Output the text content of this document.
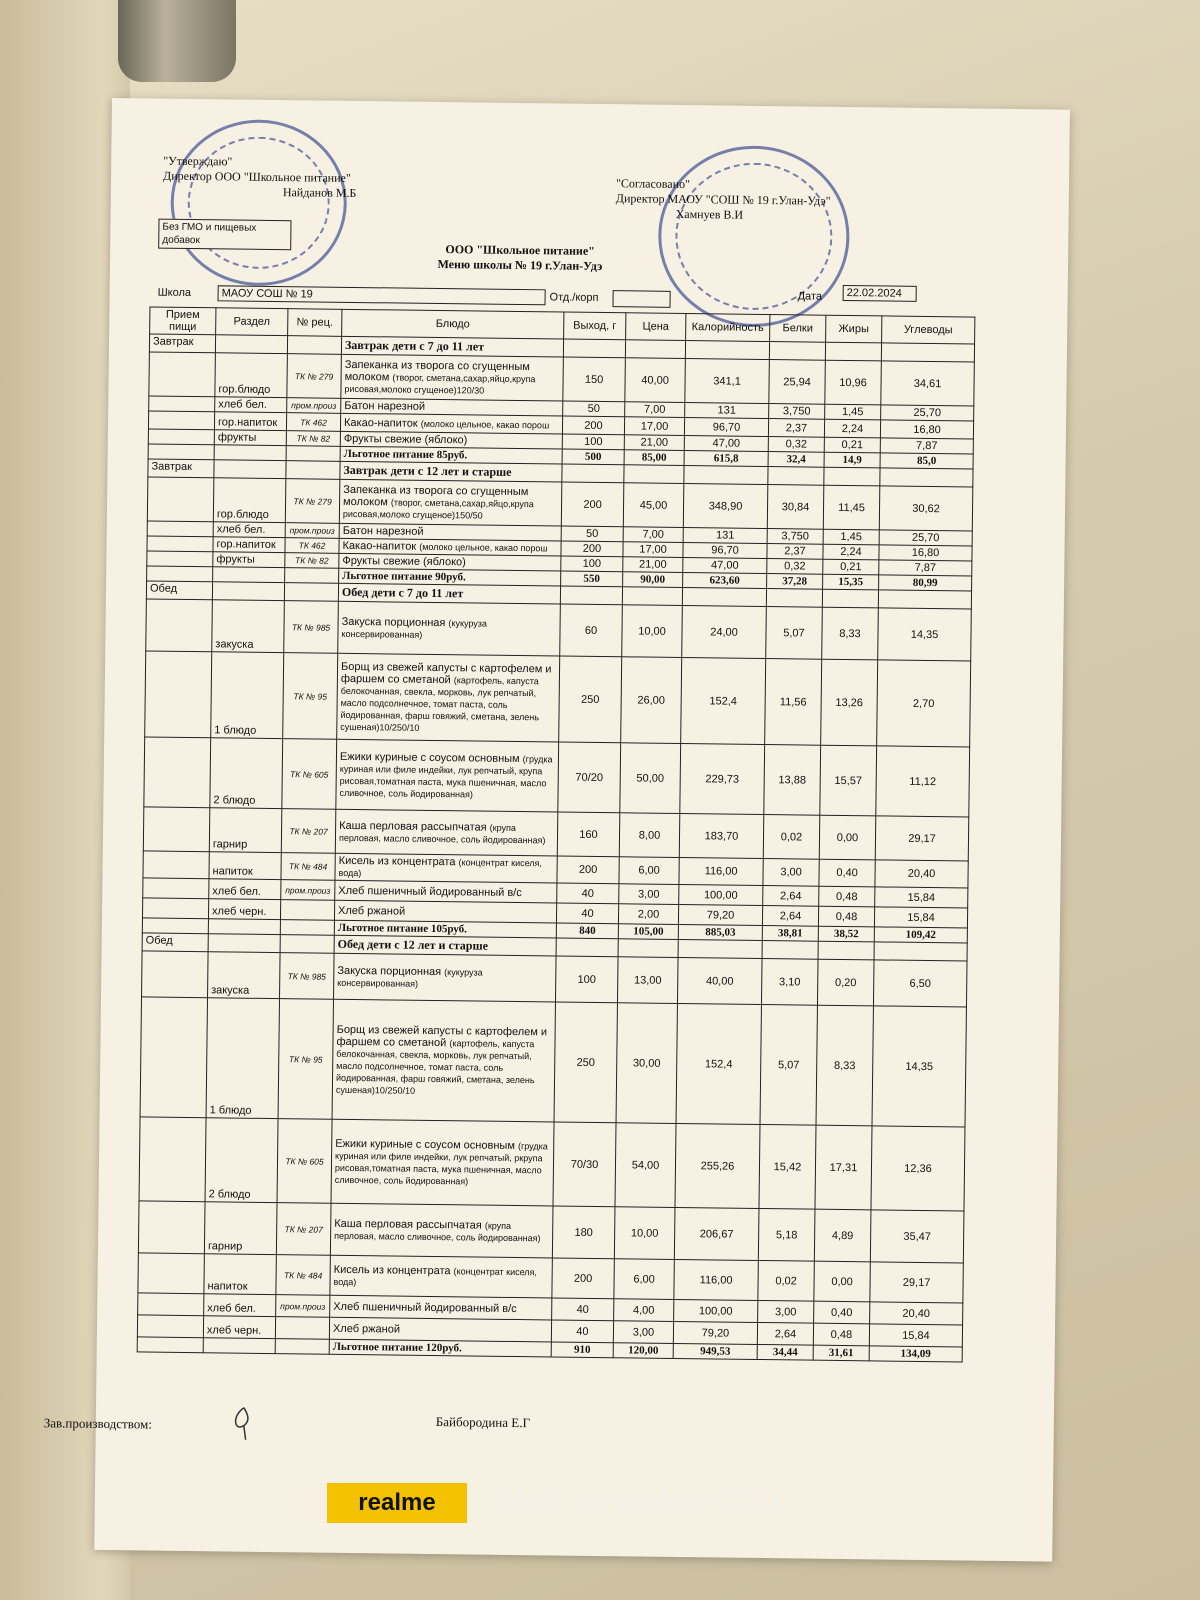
"Утверждаю"
Директор ООО "Школьное питание"
Найданов М.Б
"Согласовано"
Директор МАОУ "СОШ № 19 г.Улан-Удэ"
Хамнуев В.И
Без ГМО и пищевых
добавок
ООО "Школьное питание"
Меню школы № 19 г.Улан-Удэ
Школа	МАОУ СОШ № 19	Отд./корп	Дата	22.02.2024
Прием пищи	Раздел	№ рец.	Блюдо	Выход, г	Цена	Калорийность	Белки	Жиры	Углеводы
Завтрак			Завтрак дети с 7 до 11 лет						
	гор.блюдо	ТК № 279	Запеканка из творога со сгущенным молоком (творог, сметана,сахар,яйцо,крупа рисовая,молоко сгущеное)120/30	150	40,00	341,1	25,94	10,96	34,61
	хлеб бел.	пром.произ	Батон нарезной	50	7,00	131	3,750	1,45	25,70
	гор.напиток	ТК 462	Какао-напиток (молоко цельное, какао порош	200	17,00	96,70	2,37	2,24	16,80
	фрукты	ТК № 82	Фрукты свежие (яблоко)	100	21,00	47,00	0,32	0,21	7,87
			Льготное питание 85руб.	500	85,00	615,8	32,4	14,9	85,0
Завтрак			Завтрак дети с 12 лет и старше						
	гор.блюдо	ТК № 279	Запеканка из творога со сгущенным молоком (творог, сметана,сахар,яйцо,крупа рисовая,молоко сгущеное)150/50	200	45,00	348,90	30,84	11,45	30,62
	хлеб бел.	пром.произ	Батон нарезной	50	7,00	131	3,750	1,45	25,70
	гор.напиток	ТК 462	Какао-напиток (молоко цельное, какао порош	200	17,00	96,70	2,37	2,24	16,80
	фрукты	ТК № 82	Фрукты свежие (яблоко)	100	21,00	47,00	0,32	0,21	7,87
			Льготное питание 90руб.	550	90,00	623,60	37,28	15,35	80,99
Обед			Обед дети с 7 до 11 лет						
	закуска	ТК № 985	Закуска порционная (кукуруза консервированная)	60	10,00	24,00	5,07	8,33	14,35
	1 блюдо	ТК № 95	Борщ из свежей капусты с картофелем и фаршем со сметаной (картофель, капуста белокочанная, свекла, морковь, лук репчатый, масло подсолнечное, томат паста, соль йодированная, фарш говяжий, сметана, зелень сушеная)10/250/10	250	26,00	152,4	11,56	13,26	2,70
	2 блюдо	ТК № 605	Ежики куриные с соусом основным (грудка куриная или филе индейки, лук репчатый, крупа рисовая,томатная паста, мука пшеничная, масло сливочное, соль йодированная)	70/20	50,00	229,73	13,88	15,57	11,12
	гарнир	ТК № 207	Каша перловая рассыпчатая (крупа перловая, масло сливочное, соль йодированная)	160	8,00	183,70	0,02	0,00	29,17
	напиток	ТК № 484	Кисель из концентрата (концентрат киселя, вода)	200	6,00	116,00	3,00	0,40	20,40
	хлеб бел.	пром.произ	Хлеб пшеничный йодированный в/с	40	3,00	100,00	2,64	0,48	15,84
	хлеб черн.		Хлеб ржаной	40	2,00	79,20	2,64	0,48	15,84
			Льготное питание 105руб.	840	105,00	885,03	38,81	38,52	109,42
Обед			Обед дети с 12 лет и старше						
	закуска	ТК № 985	Закуска порционная (кукуруза консервированная)	100	13,00	40,00	3,10	0,20	6,50
	1 блюдо	ТК № 95	Борщ из свежей капусты с картофелем и фаршем со сметаной (картофель, капуста белокочанная, свекла, морковь, лук репчатый, масло подсолнечное, томат паста, соль йодированная, фарш говяжий, сметана, зелень сушеная)10/250/10	250	30,00	152,4	5,07	8,33	14,35
	2 блюдо	ТК № 605	Ежики куриные с соусом основным (грудка куриная или филе индейки, лук репчатый, ркрупа рисовая,томатная паста, мука пшеничная, масло сливочное, соль йодированная)	70/30	54,00	255,26	15,42	17,31	12,36
	гарнир	ТК № 207	Каша перловая рассыпчатая (крупа перловая, масло сливочное, соль йодированная)	180	10,00	206,67	5,18	4,89	35,47
	напиток	ТК № 484	Кисель из концентрата (концентрат киселя, вода)	200	6,00	116,00	0,02	0,00	29,17
	хлеб бел.	пром.произ	Хлеб пшеничный йодированный в/с	40	4,00	100,00	3,00	0,40	20,40
	хлеб черн.		Хлеб ржаной	40	3,00	79,20	2,64	0,48	15,84
			Льготное питание 120руб.	910	120,00	949,53	34,44	31,61	134,09
Зав.производством:	Байбородина Е.Г
realme	Shot on realme C30
